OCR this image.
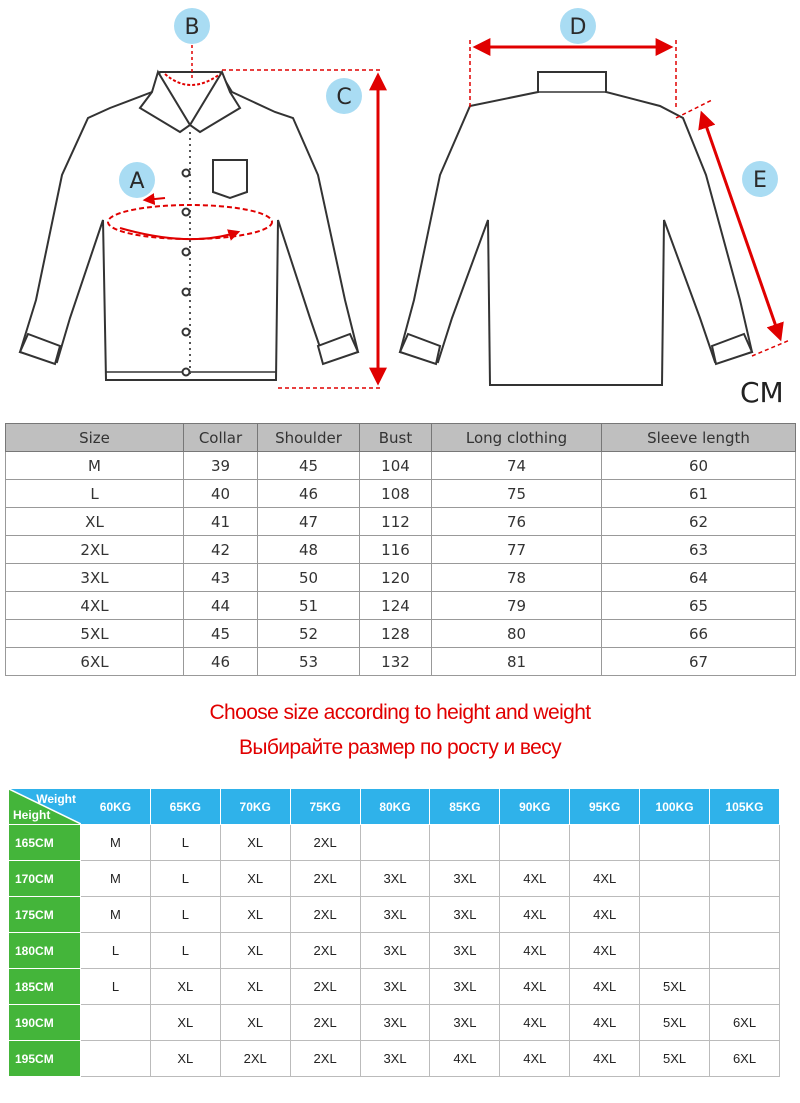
A
B
C
D
E
CM
Size	Collar	Shoulder	Bust	Long clothing	Sleeve length
M	39	45	104	74	60
L	40	46	108	75	61
XL	41	47	112	76	62
2XL	42	48	116	77	63
3XL	43	50	120	78	64
4XL	44	51	124	79	65
5XL	45	52	128	80	66
6XL	46	53	132	81	67
Choose size according to height and weight
Выбирайте размер по росту и весу
Weight
Height	60KG	65KG	70KG	75KG	80KG	85KG	90KG	95KG	100KG	105KG
165CM	M	L	XL	2XL						
170CM	M	L	XL	2XL	3XL	3XL	4XL	4XL		
175CM	M	L	XL	2XL	3XL	3XL	4XL	4XL		
180CM	L	L	XL	2XL	3XL	3XL	4XL	4XL		
185CM	L	XL	XL	2XL	3XL	3XL	4XL	4XL	5XL	
190CM		XL	XL	2XL	3XL	3XL	4XL	4XL	5XL	6XL
195CM		XL	2XL	2XL	3XL	4XL	4XL	4XL	5XL	6XL
